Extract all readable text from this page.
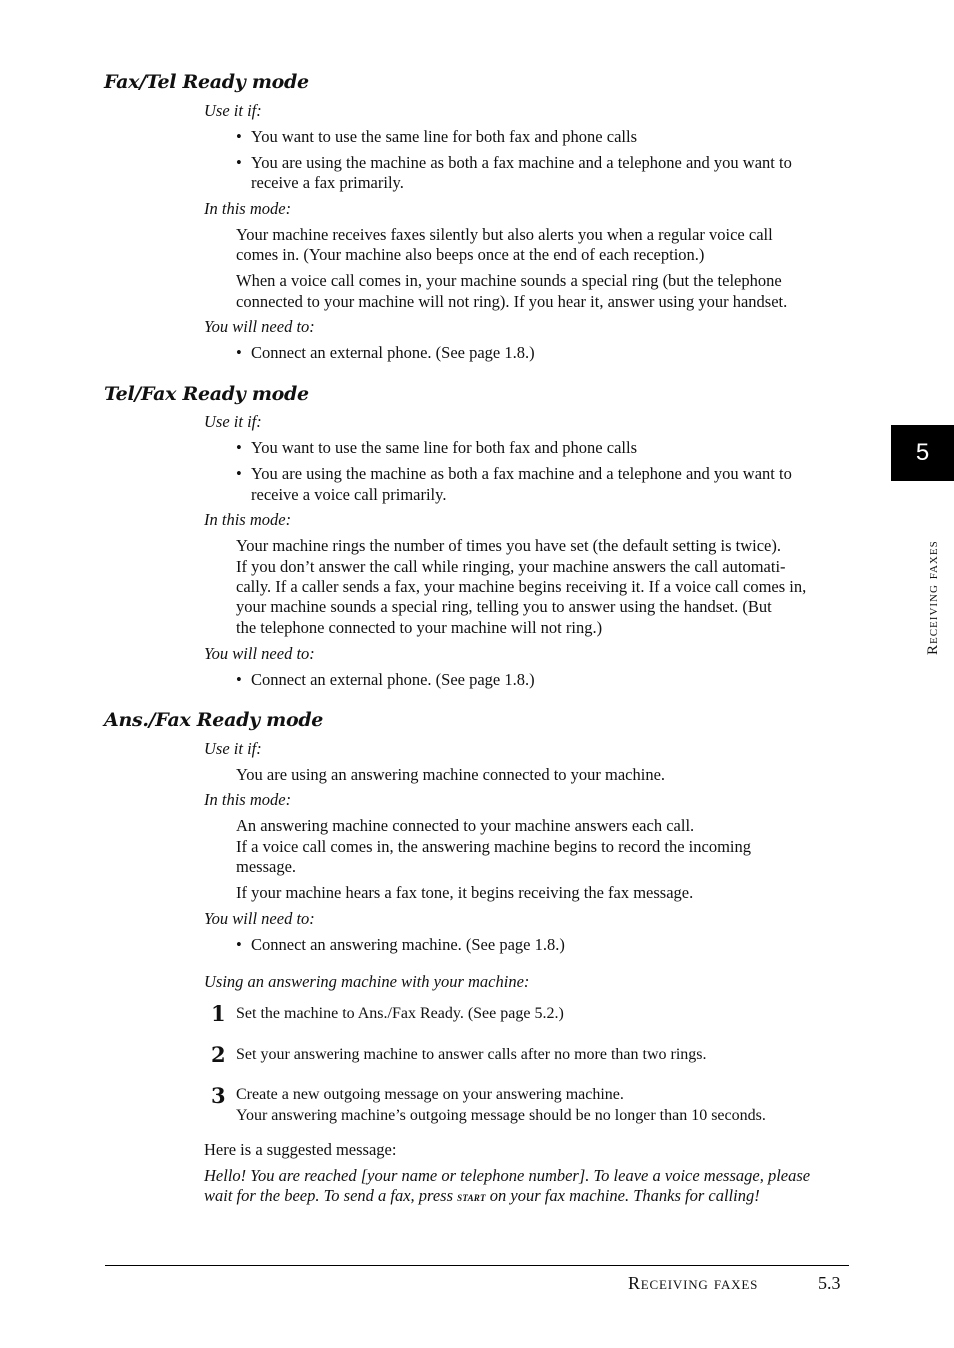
Fax/Tel Ready mode
Use it if:
• You want to use the same line for both fax and phone calls
• You are using the machine as both a fax machine and a telephone and you want to
receive a fax primarily.
In this mode:
Your machine receives faxes silently but also alerts you when a regular voice call
comes in. (Your machine also beeps once at the end of each reception.)
When a voice call comes in, your machine sounds a special ring (but the telephone
connected to your machine will not ring). If you hear it, answer using your handset.
You will need to:
• Connect an external phone. (See page 1.8.)
Tel/Fax Ready mode
Use it if:
• You want to use the same line for both fax and phone calls
• You are using the machine as both a fax machine and a telephone and you want to
receive a voice call primarily.
In this mode:
Your machine rings the number of times you have set (the default setting is twice).
If you don’t answer the call while ringing, your machine answers the call automati-
cally. If a caller sends a fax, your machine begins receiving it. If a voice call comes in,
your machine sounds a special ring, telling you to answer using the handset. (But
the telephone connected to your machine will not ring.)
You will need to:
• Connect an external phone. (See page 1.8.)
Ans./Fax Ready mode
Use it if:
You are using an answering machine connected to your machine.
In this mode:
An answering machine connected to your machine answers each call.
If a voice call comes in, the answering machine begins to record the incoming
message.
If your machine hears a fax tone, it begins receiving the fax message.
You will need to:
• Connect an answering machine. (See page 1.8.)
Using an answering machine with your machine:
1 Set the machine to Ans./Fax Ready. (See page 5.2.)
2 Set your answering machine to answer calls after no more than two rings.
3 Create a new outgoing message on your answering machine.
Your answering machine’s outgoing message should be no longer than 10 seconds.
Here is a suggested message:
Hello! You are reached [your name or telephone number]. To leave a voice message, please
wait for the beep. To send a fax, press start on your fax machine. Thanks for calling!
5
Receiving faxes
Receiving faxes	5.3
